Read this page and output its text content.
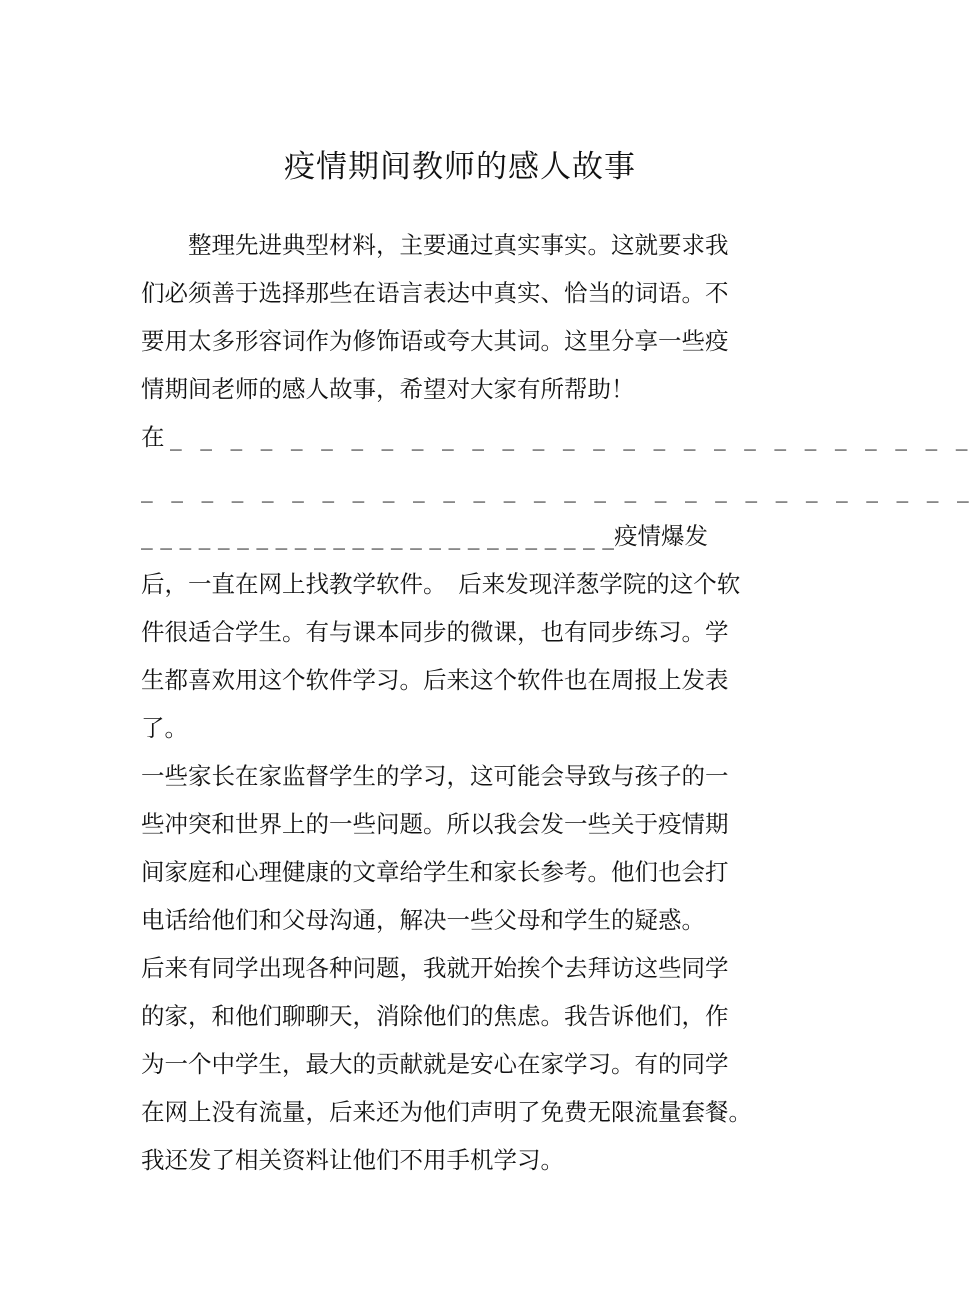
疫情期间教师的感人故事
　　整理先进典型材料，主要通过真实事实。这就要求我
们必须善于选择那些在语言表达中真实、恰当的词语。不
要用太多形容词作为修饰语或夸大其词。这里分享一些疫
情期间老师的感人故事，希望对大家有所帮助！
在_ _ _ _ _ _ _ _ _ _ _ _ _ _ _ _ _ _ _ _ _ _ _ _ _ _ _
_ _ _ _ _ _ _ _ _ _ _ _ _ _ _ _ _ _ _ _ _ _ _ _ _ _ _ _
_ _ _ _ _ _ _ _ _ _ _ _ _ _ _ _ _ _ _ _ _ _ _ _ _疫情爆发
后，一直在网上找教学软件。　后来发现洋葱学院的这个软
件很适合学生。有与课本同步的微课，也有同步练习。学
生都喜欢用这个软件学习。后来这个软件也在周报上发表
了。
一些家长在家监督学生的学习，这可能会导致与孩子的一
些冲突和世界上的一些问题。所以我会发一些关于疫情期
间家庭和心理健康的文章给学生和家长参考。他们也会打
电话给他们和父母沟通，解决一些父母和学生的疑惑。
后来有同学出现各种问题，我就开始挨个去拜访这些同学
的家，和他们聊聊天，消除他们的焦虑。我告诉他们，作
为一个中学生，最大的贡献就是安心在家学习。有的同学
在网上没有流量，后来还为他们声明了免费无限流量套餐。
我还发了相关资料让他们不用手机学习。
